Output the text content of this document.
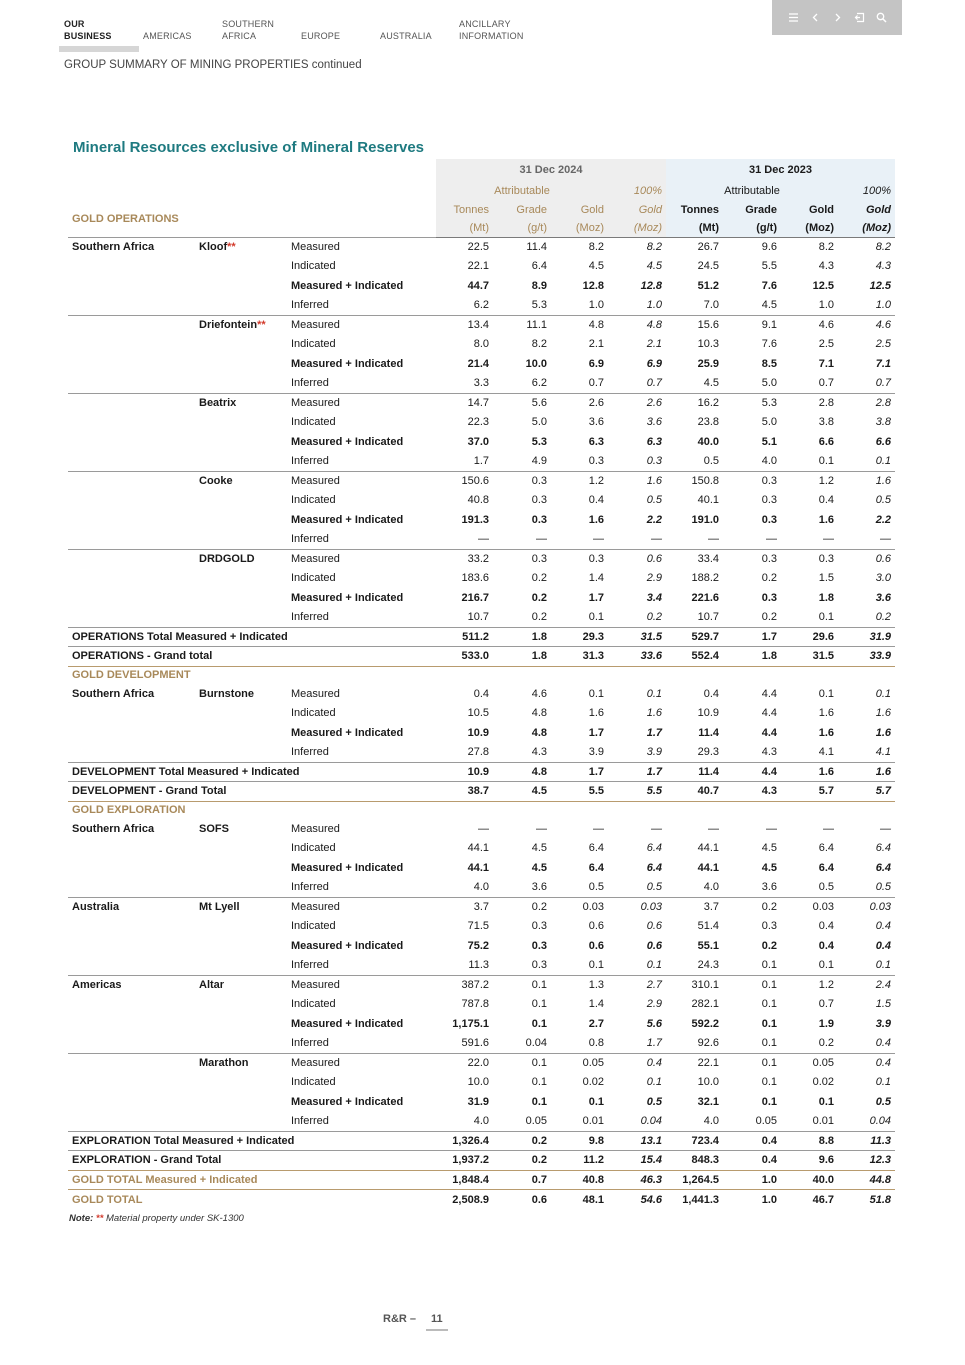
OUR
BUSINESS	AMERICAS
SOUTHERN
AFRICA	EUROPE	AUSTRALIA
ANCILLARY
INFORMATION
GROUP SUMMARY OF MINING PROPERTIES continued
Mineral Resources exclusive of Mineral Reserves
			31 Dec 2024				31 Dec 2023			
			Attributable			100%	Attributable			100%
GOLD OPERATIONS			Tonnes	Grade	Gold	Gold	Tonnes	Grade	Gold	Gold
			(Mt)	(g/t)	(Moz)	(Moz)	(Mt)	(g/t)	(Moz)	(Moz)
Southern Africa	Kloof**	Measured	22.5	11.4	8.2	8.2	26.7	9.6	8.2	8.2
		Indicated	22.1	6.4	4.5	4.5	24.5	5.5	4.3	4.3
		Measured + Indicated	44.7	8.9	12.8	12.8	51.2	7.6	12.5	12.5
		Inferred	6.2	5.3	1.0	1.0	7.0	4.5	1.0	1.0
	Driefontein**	Measured	13.4	11.1	4.8	4.8	15.6	9.1	4.6	4.6
		Indicated	8.0	8.2	2.1	2.1	10.3	7.6	2.5	2.5
		Measured + Indicated	21.4	10.0	6.9	6.9	25.9	8.5	7.1	7.1
		Inferred	3.3	6.2	0.7	0.7	4.5	5.0	0.7	0.7
	Beatrix	Measured	14.7	5.6	2.6	2.6	16.2	5.3	2.8	2.8
		Indicated	22.3	5.0	3.6	3.6	23.8	5.0	3.8	3.8
		Measured + Indicated	37.0	5.3	6.3	6.3	40.0	5.1	6.6	6.6
		Inferred	1.7	4.9	0.3	0.3	0.5	4.0	0.1	0.1
	Cooke	Measured	150.6	0.3	1.2	1.6	150.8	0.3	1.2	1.6
		Indicated	40.8	0.3	0.4	0.5	40.1	0.3	0.4	0.5
		Measured + Indicated	191.3	0.3	1.6	2.2	191.0	0.3	1.6	2.2
		Inferred	—	—	—	—	—	—	—	—
	DRDGOLD	Measured	33.2	0.3	0.3	0.6	33.4	0.3	0.3	0.6
		Indicated	183.6	0.2	1.4	2.9	188.2	0.2	1.5	3.0
		Measured + Indicated	216.7	0.2	1.7	3.4	221.6	0.3	1.8	3.6
		Inferred	10.7	0.2	0.1	0.2	10.7	0.2	0.1	0.2
OPERATIONS Total Measured + Indicated			511.2	1.8	29.3	31.5	529.7	1.7	29.6	31.9
OPERATIONS - Grand total			533.0	1.8	31.3	33.6	552.4	1.8	31.5	33.9
GOLD DEVELOPMENT										
Southern Africa	Burnstone	Measured	0.4	4.6	0.1	0.1	0.4	4.4	0.1	0.1
		Indicated	10.5	4.8	1.6	1.6	10.9	4.4	1.6	1.6
		Measured + Indicated	10.9	4.8	1.7	1.7	11.4	4.4	1.6	1.6
		Inferred	27.8	4.3	3.9	3.9	29.3	4.3	4.1	4.1
DEVELOPMENT Total Measured + Indicated			10.9	4.8	1.7	1.7	11.4	4.4	1.6	1.6
DEVELOPMENT - Grand Total			38.7	4.5	5.5	5.5	40.7	4.3	5.7	5.7
GOLD EXPLORATION										
Southern Africa	SOFS	Measured	—	—	—	—	—	—	—	—
		Indicated	44.1	4.5	6.4	6.4	44.1	4.5	6.4	6.4
		Measured + Indicated	44.1	4.5	6.4	6.4	44.1	4.5	6.4	6.4
		Inferred	4.0	3.6	0.5	0.5	4.0	3.6	0.5	0.5
Australia	Mt Lyell	Measured	3.7	0.2	0.03	0.03	3.7	0.2	0.03	0.03
		Indicated	71.5	0.3	0.6	0.6	51.4	0.3	0.4	0.4
		Measured + Indicated	75.2	0.3	0.6	0.6	55.1	0.2	0.4	0.4
		Inferred	11.3	0.3	0.1	0.1	24.3	0.1	0.1	0.1
Americas	Altar	Measured	387.2	0.1	1.3	2.7	310.1	0.1	1.2	2.4
		Indicated	787.8	0.1	1.4	2.9	282.1	0.1	0.7	1.5
		Measured + Indicated	1,175.1	0.1	2.7	5.6	592.2	0.1	1.9	3.9
		Inferred	591.6	0.04	0.8	1.7	92.6	0.1	0.2	0.4
	Marathon	Measured	22.0	0.1	0.05	0.4	22.1	0.1	0.05	0.4
		Indicated	10.0	0.1	0.02	0.1	10.0	0.1	0.02	0.1
		Measured + Indicated	31.9	0.1	0.1	0.5	32.1	0.1	0.1	0.5
		Inferred	4.0	0.05	0.01	0.04	4.0	0.05	0.01	0.04
EXPLORATION Total Measured + Indicated			1,326.4	0.2	9.8	13.1	723.4	0.4	8.8	11.3
EXPLORATION - Grand Total			1,937.2	0.2	11.2	15.4	848.3	0.4	9.6	12.3
GOLD TOTAL Measured + Indicated			1,848.4	0.7	40.8	46.3	1,264.5	1.0	40.0	44.8
GOLD TOTAL			2,508.9	0.6	48.1	54.6	1,441.3	1.0	46.7	51.8
Note: ** Material property under SK-1300
R&R – 11
